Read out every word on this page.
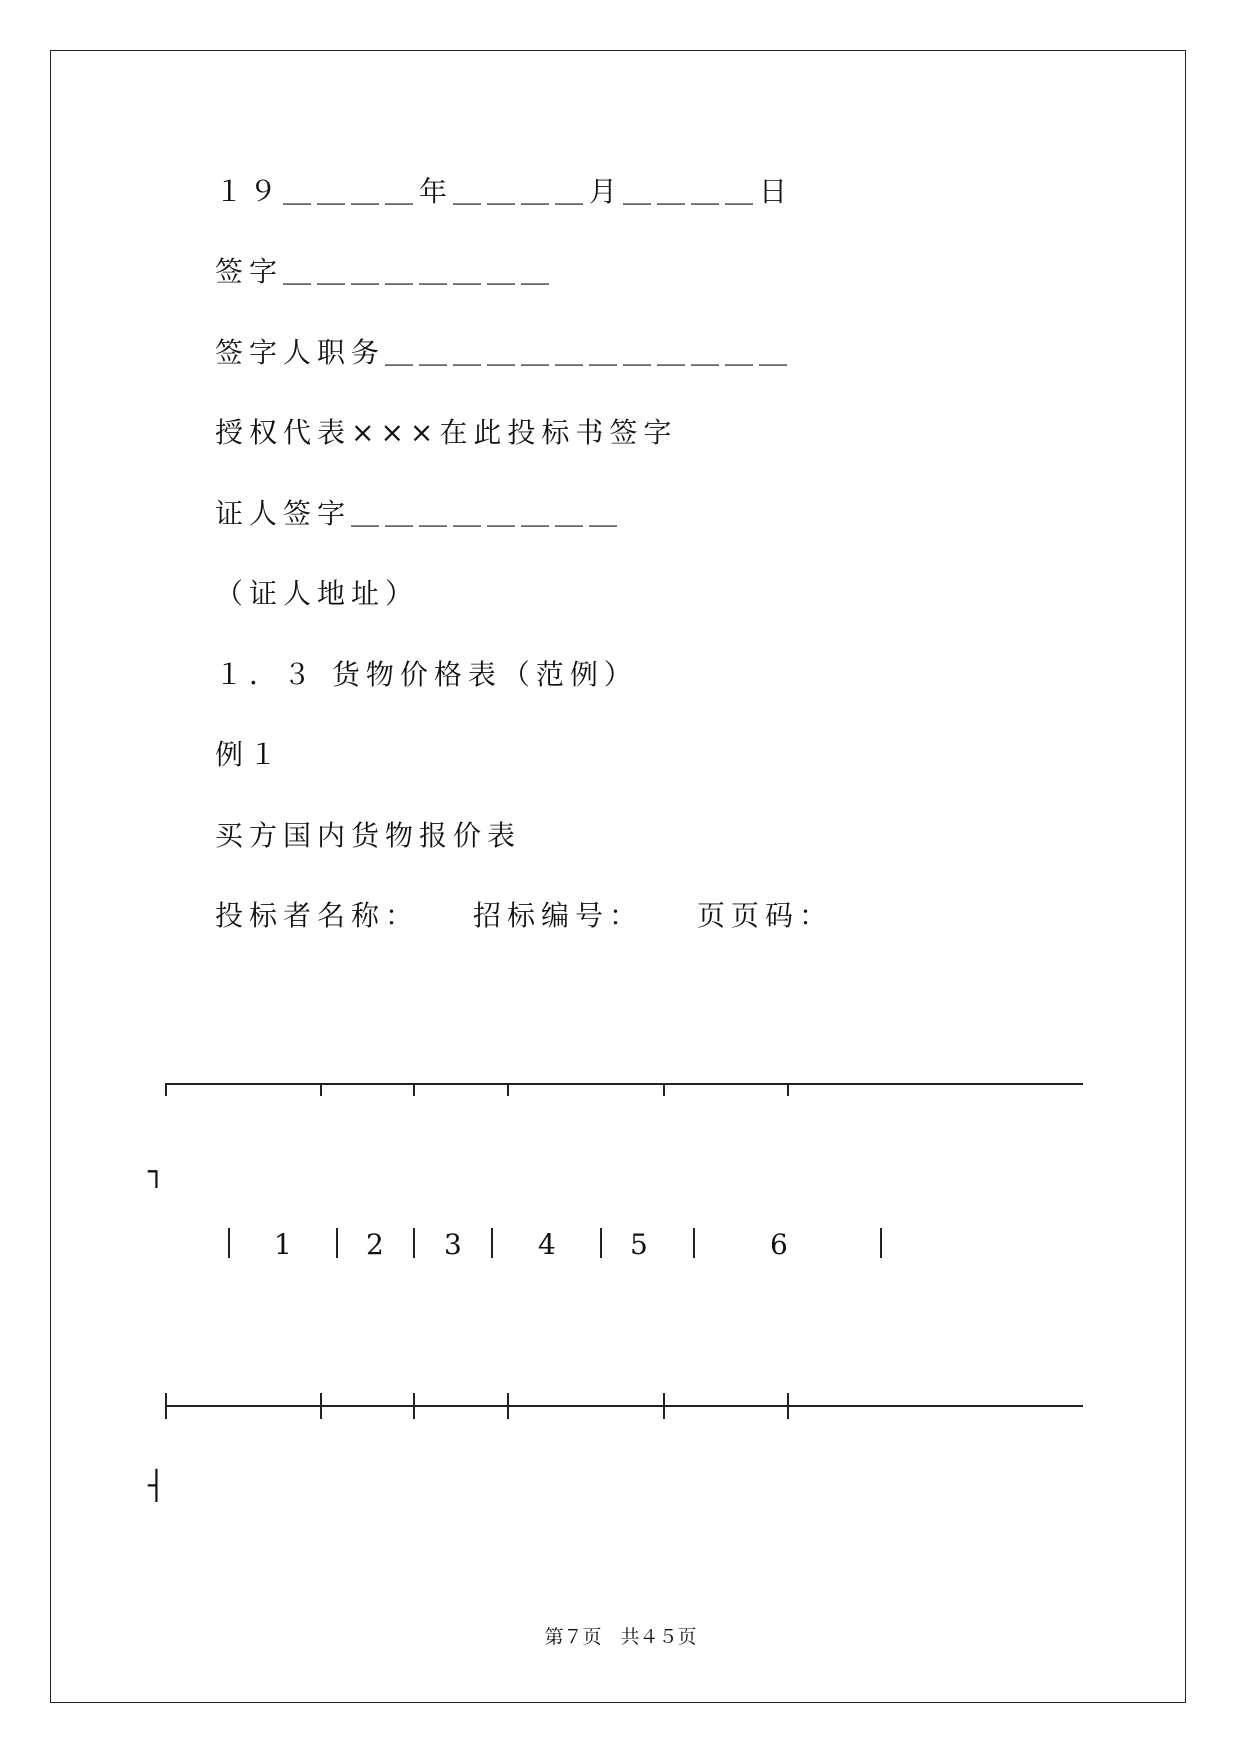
１９＿＿＿＿年＿＿＿＿月＿＿＿＿日
签字＿＿＿＿＿＿＿＿
签字人职务＿＿＿＿＿＿＿＿＿＿＿＿
授权代表×××在此投标书签字
证人签字＿＿＿＿＿＿＿＿
（证人地址）
１．３ 货物价格表（范例）
例１
买方国内货物报价表
投标者名称：　　招标编号：　　页页码：
┐
1	2 3	4	5	6
┤
第７页　共４５页
